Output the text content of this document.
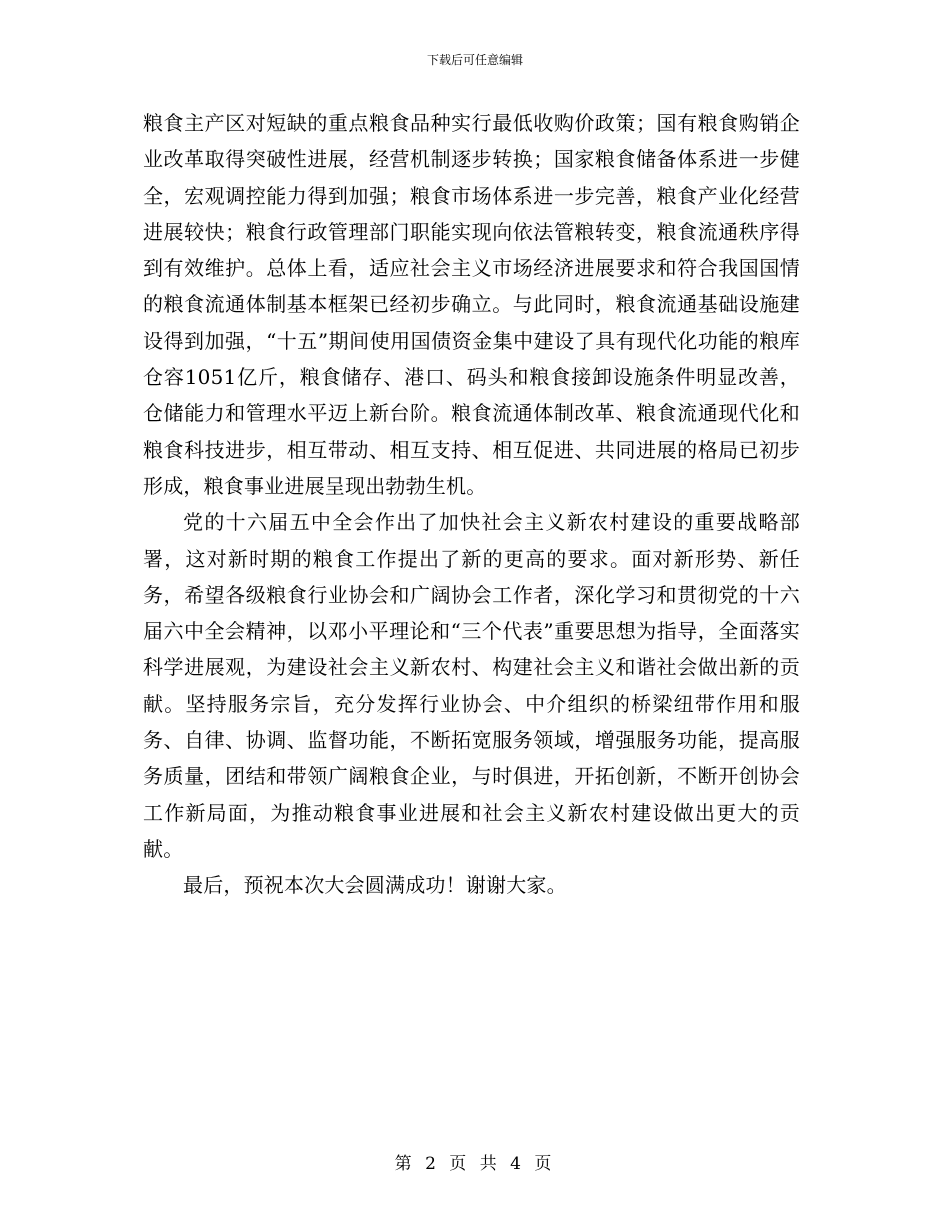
下载后可任意编辑

粮食主产区对短缺的重点粮食品种实行最低收购价政策；国有粮食购销企业改革取得突破性进展，经营机制逐步转换；国家粮食储备体系进一步健全，宏观调控能力得到加强；粮食市场体系进一步完善，粮食产业化经营进展较快；粮食行政管理部门职能实现向依法管粮转变，粮食流通秩序得到有效维护。总体上看，适应社会主义市场经济进展要求和符合我国国情的粮食流通体制基本框架已经初步确立。与此同时，粮食流通基础设施建设得到加强，“十五”期间使用国债资金集中建设了具有现代化功能的粮库仓容1051亿斤，粮食储存、港口、码头和粮食接卸设施条件明显改善，仓储能力和管理水平迈上新台阶。粮食流通体制改革、粮食流通现代化和粮食科技进步，相互带动、相互支持、相互促进、共同进展的格局已初步形成，粮食事业进展呈现出勃勃生机。

党的十六届五中全会作出了加快社会主义新农村建设的重要战略部署，这对新时期的粮食工作提出了新的更高的要求。面对新形势、新任务，希望各级粮食行业协会和广阔协会工作者，深化学习和贯彻党的十六届六中全会精神，以邓小平理论和“三个代表”重要思想为指导，全面落实科学进展观，为建设社会主义新农村、构建社会主义和谐社会做出新的贡献。坚持服务宗旨，充分发挥行业协会、中介组织的桥梁纽带作用和服务、自律、协调、监督功能，不断拓宽服务领域，增强服务功能，提高服务质量，团结和带领广阔粮食企业，与时俱进，开拓创新，不断开创协会工作新局面，为推动粮食事业进展和社会主义新农村建设做出更大的贡献。

最后，预祝本次大会圆满成功！谢谢大家。

第 2 页 共 4 页
